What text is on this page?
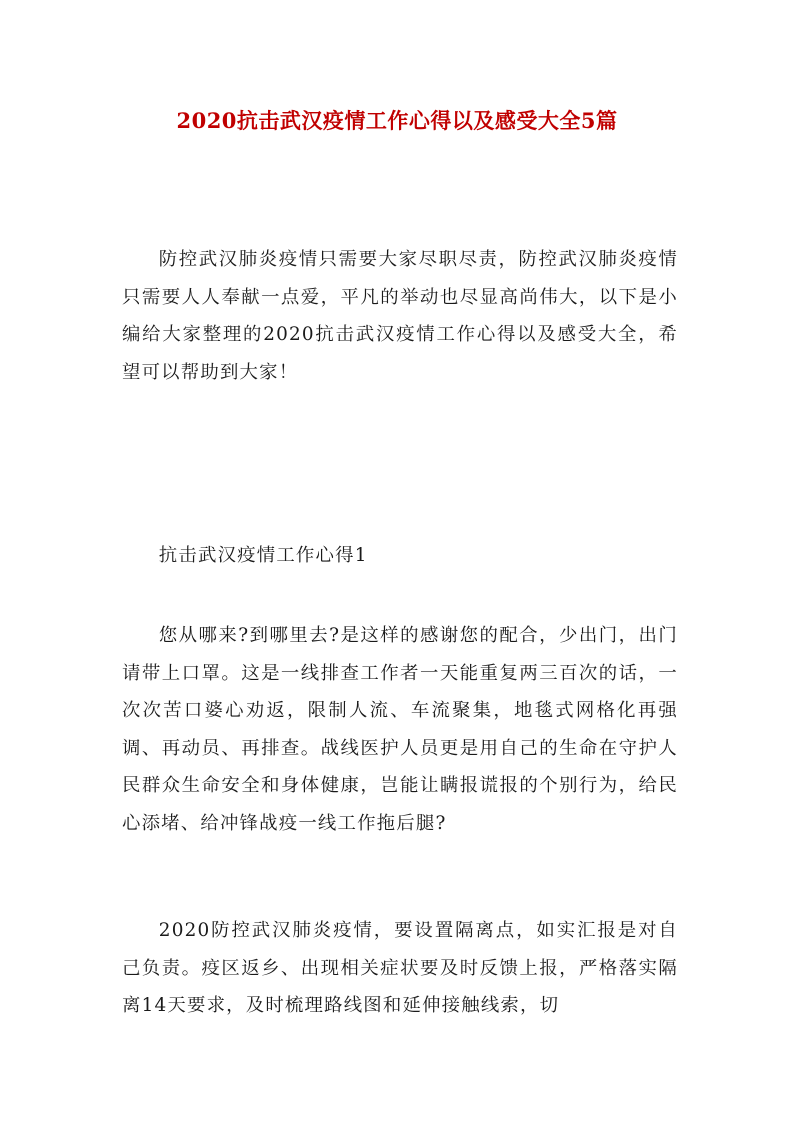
2020抗击武汉疫情工作心得以及感受大全5篇

防控武汉肺炎疫情只需要大家尽职尽责，防控武汉肺炎疫情只需要人人奉献一点爱，平凡的举动也尽显高尚伟大，以下是小编给大家整理的2020抗击武汉疫情工作心得以及感受大全，希望可以帮助到大家！

抗击武汉疫情工作心得1

您从哪来?到哪里去?是这样的感谢您的配合，少出门，出门请带上口罩。这是一线排查工作者一天能重复两三百次的话，一次次苦口婆心劝返，限制人流、车流聚集，地毯式网格化再强调、再动员、再排查。战线医护人员更是用自己的生命在守护人民群众生命安全和身体健康，岂能让瞒报谎报的个别行为，给民心添堵、给冲锋战疫一线工作拖后腿?

2020防控武汉肺炎疫情，要设置隔离点，如实汇报是对自己负责。疫区返乡、出现相关症状要及时反馈上报，严格落实隔离14天要求，及时梳理路线图和延伸接触线索，切
